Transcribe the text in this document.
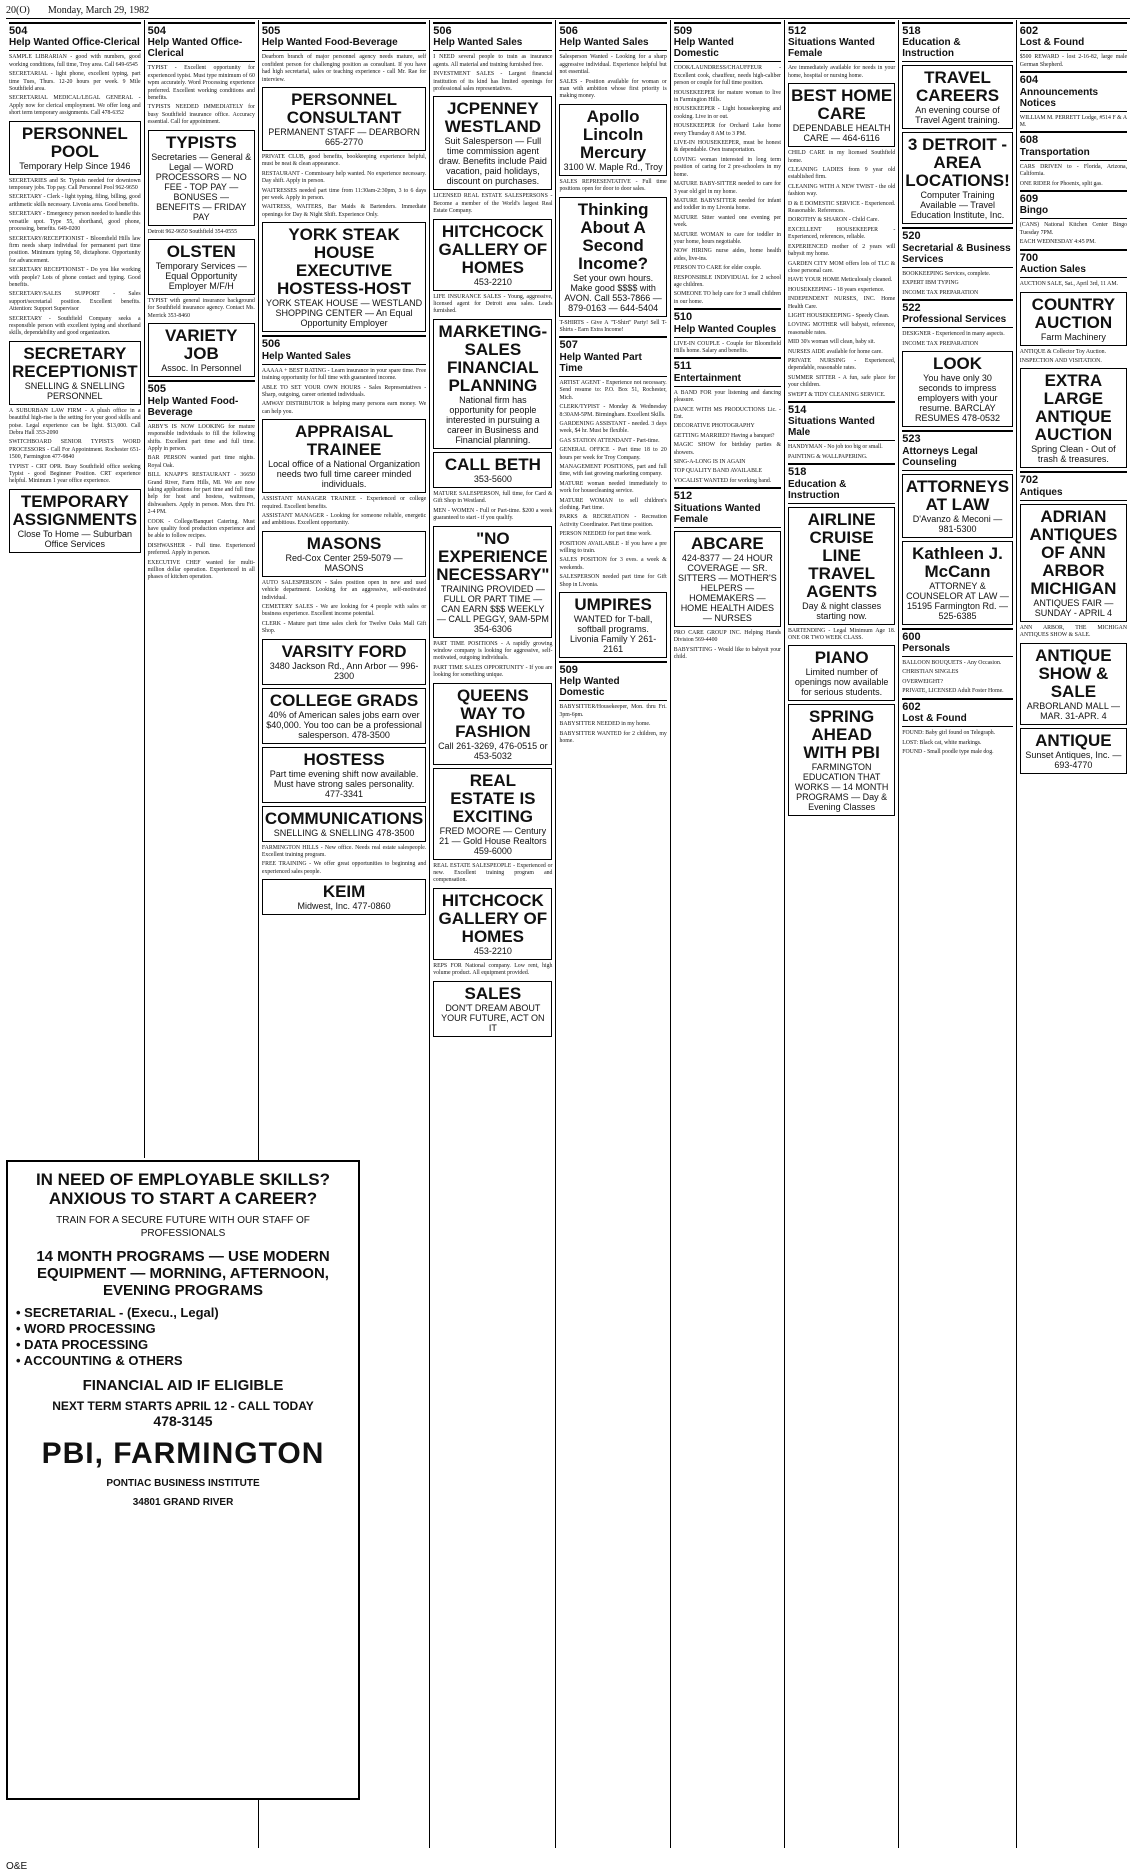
20(O) Monday, March 29, 1982
504
Help Wanted Office-Clerical

SAMPLE LIBRARIAN - good with numbers, good working conditions, full time, Troy area. Call 649-6545

SECRETARIAL - light phone, excellent typing, part time Tues, Thurs. 12-20 hours per week. 9 Mile Southfield area.

SECRETARIAL MEDICAL/LEGAL GENERAL - Apply now for clerical employment. We offer long and short term temporary assignments. Call 478-6352

PERSONNEL POOL
Temporary Help Since 1946

SECRETARIES and Sr. Typists needed for downtown temporary jobs. Top pay. Call Personnel Pool 962-9650

SECRETARY - Clerk - light typing, filing, billing, good arithmetic skills necessary. Livonia area. Good benefits.

SECRETARY - Emergency person needed to handle this versatile spot. Type 55, shorthand, good phone, processing, benefits. 649-0200

SECRETARY/RECEPTIONIST - Bloomfield Hills law firm needs sharp individual for permanent part time position. Minimum typing 50, dictaphone. Opportunity for advancement.

SECRETARY RECEPTIONIST - Do you like working with people? Lots of phone contact and typing. Good benefits.

SECRETARY/SALES SUPPORT - Sales support/secretarial position. Excellent benefits. Attention: Support Supervisor

SECRETARY - Southfield Company seeks a responsible person with excellent typing and shorthand skills, dependability and good organization.

SECRETARY RECEPTIONIST
SNELLING & SNELLING PERSONNEL

A SUBURBAN LAW FIRM - A plush office in a beautiful high-rise is the setting for your good skills and poise. Legal experience can be light. $13,000. Call Debra Hall 353-2090

SWITCHBOARD SENIOR TYPISTS WORD PROCESSORS - Call For Appointment. Rochester 651-1500, Farmington 477-9840

TYPIST - CRT OPR. Busy Southfield office seeking Typist - good Beginner Position. CRT experience helpful. Minimum 1 year office experience.

TEMPORARY ASSIGNMENTS
Close To Home — Suburban Office Services
504
Help Wanted Office-Clerical

TYPIST - Excellent opportunity for experienced typist. Must type minimum of 60 wpm accurately. Word Processing experience preferred. Excellent working conditions and benefits.

TYPISTS NEEDED IMMEDIATELY for busy Southfield insurance office. Accuracy essential. Call for appointment.

TYPISTS
Secretaries — General & Legal — WORD PROCESSORS — NO FEE - TOP PAY — BONUSES — BENEFITS — FRIDAY PAY

Detroit 962-9650 Southfield 354-0555

OLSTEN
Temporary Services — Equal Opportunity Employer M/F/H

TYPIST with general insurance background for Southfield insurance agency. Contact Ms. Merrick 353-8460

VARIETY JOB
Assoc. In Personnel
505
Help Wanted Food-Beverage

ARBY'S IS NOW LOOKING for mature responsible individuals to fill the following shifts. Excellent part time and full time. Apply in person.

BAR PERSON wanted part time nights. Royal Oak.

BILL KNAPP'S RESTAURANT - 36650 Grand River, Farm Hills, MI. We are now taking applications for part time and full time help for host and hostess, waitresses, dishwashers. Apply in person. Mon. thru Fri. 2-4 PM.

COOK - College/Banquet Catering. Must have quality food production experience and be able to follow recipes.

DISHWASHER - Full time. Experienced preferred. Apply in person.

EXECUTIVE CHEF wanted for multi-million dollar operation. Experienced in all phases of kitchen operation.

505
Help Wanted Food-Beverage

Dearborn branch of major personnel agency needs mature, self confident person for challenging position as consultant. If you have had high secretarial, sales or teaching experience - call Mr. Rae for interview.

PERSONNEL CONSULTANT
PERMANENT STAFF — DEARBORN 665-2770

PRIVATE CLUB, good benefits, bookkeeping experience helpful, must be neat & clean appearance.

RESTAURANT - Commissary help wanted. No experience necessary. Day shift. Apply in person.

WAITRESSES needed part time from 11:30am-2:30pm, 3 to 6 days per week. Apply in person.

WAITRESS, WAITERS, Bar Maids & Bartenders. Immediate openings for Day & Night Shift. Experience Only.

YORK STEAK HOUSE EXECUTIVE HOSTESS-HOST
YORK STEAK HOUSE — WESTLAND SHOPPING CENTER — An Equal Opportunity Employer
506
Help Wanted Sales

AAAAA + BEST RATING - Learn insurance in your spare time. Free training opportunity for full time with guaranteed income.

ABLE TO SET YOUR OWN HOURS - Sales Representatives - Sharp, outgoing, career oriented individuals.

AMWAY DISTRIBUTOR is helping many persons earn money. We can help you.

APPRAISAL TRAINEE
Local office of a National Organization needs two full time career minded individuals.

ASSISTANT MANAGER TRAINEE - Experienced or college required. Excellent benefits.

ASSISTANT MANAGER - Looking for someone reliable, energetic and ambitious. Excellent opportunity.

MASONS
Red-Cox Center 259-5079 — MASONS

AUTO SALESPERSON - Sales position open in new and used vehicle department. Looking for an aggressive, self-motivated individual.

CEMETERY SALES - We are looking for 4 people with sales or business experience. Excellent income potential.

CLERK - Mature part time sales clerk for Twelve Oaks Mall Gift Shop.

VARSITY FORD
3480 Jackson Rd., Ann Arbor — 996-2300
COLLEGE GRADS
40% of American sales jobs earn over $40,000. You too can be a professional salesperson. 478-3500
HOSTESS
Part time evening shift now available. Must have strong sales personality. 477-3341
COMMUNICATIONS
SNELLING & SNELLING 478-3500

FARMINGTON HILLS - New office. Needs real estate salespeople. Excellent training program.

FREE TRAINING - We offer great opportunities to beginning and experienced sales people.

KEIM
Midwest, Inc. 477-0860
506
Help Wanted Sales

I NEED several people to train as insurance agents. All material and training furnished free.

INVESTMENT SALES - Largest financial institution of its kind has limited openings for professional sales representatives.

JCPENNEY WESTLAND
Suit Salesperson — Full time commission agent draw. Benefits include Paid vacation, paid holidays, discount on purchases.

LICENSED REAL ESTATE SALESPERSONS - Become a member of the World's largest Real Estate Company.

HITCHCOCK GALLERY OF HOMES
453-2210

LIFE INSURANCE SALES - Young, aggressive, licensed agent for Detroit area sales. Leads furnished.

MARKETING-SALES FINANCIAL PLANNING
National firm has opportunity for people interested in pursuing a career in Business and Financial planning.
CALL BETH
353-5600

MATURE SALESPERSON, full time, for Card & Gift Shop in Westland.

MEN - WOMEN - Full or Part-time. $200 a week guaranteed to start - if you qualify.

"NO EXPERIENCE NECESSARY"
TRAINING PROVIDED — FULL OR PART TIME — CAN EARN $$$ WEEKLY — CALL PEGGY, 9AM-5PM 354-6306

PART TIME POSITIONS - A rapidly growing window company is looking for aggressive, self-motivated, outgoing individuals.

PART TIME SALES OPPORTUNITY - If you are looking for something unique.

QUEENS WAY TO FASHION
Call 261-3269, 476-0515 or 453-5032
REAL ESTATE IS EXCITING
FRED MOORE — Century 21 — Gold House Realtors 459-6000

REAL ESTATE SALESPEOPLE - Experienced or new. Excellent training program and compensation.

HITCHCOCK GALLERY OF HOMES
453-2210

REPS FOR National company. Low rent, high volume product. All equipment provided.

SALES
DON'T DREAM ABOUT YOUR FUTURE, ACT ON IT
506
Help Wanted Sales

Salesperson Wanted - Looking for a sharp aggressive individual. Experience helpful but not essential.

SALES - Position available for woman or man with ambition whose first priority is making money.

Apollo Lincoln Mercury
3100 W. Maple Rd., Troy

SALES REPRESENTATIVE - Full time positions open for door to door sales.

Thinking About A Second Income?
Set your own hours. Make good $$$$ with AVON. Call 553-7866 — 879-0163 — 644-5404

T-SHIRTS - Give A "T-Shirt" Party! Sell T-Shirts - Earn Extra Income!

507
Help Wanted Part Time

ARTIST AGENT - Experience not necessary. Send resume to: P.O. Box 51, Rochester, Mich.

CLERK/TYPIST - Monday & Wednesday 8:30AM-5PM. Birmingham. Excellent Skills.

GARDENING ASSISTANT - needed. 3 days week, $4 hr. Must be flexible.

GAS STATION ATTENDANT - Part-time.

GENERAL OFFICE - Part time 18 to 20 hours per week for Troy Company.

MANAGEMENT POSITIONS, part and full time, with fast growing marketing company.

MATURE woman needed immediately to work for housecleaning service.

MATURE WOMAN to sell children's clothing. Part time.

PARKS & RECREATION - Recreation Activity Coordinator. Part time position.

PERSON NEEDED for part time work.

POSITION AVAILABLE - If you have a pre willing to train.

SALES POSITION for 3 eves. a week & weekends.

SALESPERSON needed part time for Gift Shop in Livonia.

UMPIRES
WANTED for T-ball, softball programs. Livonia Family Y 261-2161
509
Help Wanted Domestic

BABYSITTER/Housekeeper, Mon. thru Fri. 3pm-6pm.

BABYSITTER NEEDED in my home.

BABYSITTER WANTED for 2 children, my home.

509
Help Wanted Domestic

COOK/LAUNDRESS/CHAUFFEUR - Excellent cook, chauffeur, needs high-caliber person or couple for full time position.

HOUSEKEEPER for mature woman to live in Farmington Hills.

HOUSEKEEPER - Light housekeeping and cooking. Live in or out.

HOUSEKEEPER for Orchard Lake home every Thursday 8 AM to 3 PM.

LIVE-IN HOUSEKEEPER, must be honest & dependable. Own transportation.

LOVING woman interested in long term position of caring for 2 pre-schoolers in my home.

MATURE BABY-SITTER needed to care for 3 year old girl in my home.

MATURE BABYSITTER needed for infant and toddler in my Livonia home.

MATURE Sitter wanted one evening per week.

MATURE WOMAN to care for toddler in your home, hours negotiable.

NOW HIRING nurse aides, home health aides, live-ins.

PERSON TO CARE for elder couple.

RESPONSIBLE INDIVIDUAL for 2 school age children.

SOMEONE TO help care for 3 small children in our home.

510
Help Wanted Couples

LIVE-IN COUPLE - Couple for Bloomfield Hills home. Salary and benefits.

511
Entertainment

A BAND FOR your listening and dancing pleasure.

DANCE WITH MS PRODUCTIONS Lic. - Ent.

DECORATIVE PHOTOGRAPHY

GETTING MARRIED? Having a banquet?

MAGIC SHOW for birthday parties & showers.

SING-A-LONG IS IN AGAIN

TOP QUALITY BAND AVAILABLE

VOCALIST WANTED for working band.

512
Situations Wanted Female
ABCARE
424-8377 — 24 HOUR COVERAGE — SR. SITTERS — MOTHER'S HELPERS — HOMEMAKERS — HOME HEALTH AIDES — NURSES

PRO CARE GROUP INC. Helping Hands Division 569-4400

BABYSITTING - Would like to babysit your child.

512
Situations Wanted Female

Are immediately available for needs in your home, hospital or nursing home.

BEST HOME CARE
DEPENDABLE HEALTH CARE — 464-6116

CHILD CARE in my licensed Southfield home.

CLEANING LADIES from 9 year old established firm.

CLEANING WITH A NEW TWIST - the old fashion way.

D & E DOMESTIC SERVICE - Experienced. Reasonable. References.

DOROTHY & SHARON - Child Care.

EXCELLENT HOUSEKEEPER - Experienced, references, reliable.

EXPERIENCED mother of 2 years will babysit my home.

GARDEN CITY MOM offers lots of TLC & close personal care.

HAVE YOUR HOME Meticulously cleaned.

HOUSEKEEPING - 18 years experience.

INDEPENDENT NURSES, INC. Home Health Care.

LIGHT HOUSEKEEPING - Speedy Clean.

LOVING MOTHER will babysit, reference, reasonable rates.

MID 30's woman will clean, baby sit.

NURSES AIDE available for home care.

PRIVATE NURSING - Experienced, dependable, reasonable rates.

SUMMER SITTER - A fun, safe place for your children.

SWEPT & TIDY CLEANING SERVICE.

514
Situations Wanted Male

HANDYMAN - No job too big or small.

PAINTING & WALLPAPERING.

518
Education & Instruction
AIRLINE CRUISE LINE TRAVEL AGENTS
Day & night classes starting now.

BARTENDING - Legal Minimum Age 18. ONE OR TWO WEEK CLASS.

PIANO
Limited number of openings now available for serious students.
SPRING AHEAD WITH PBI
FARMINGTON EDUCATION THAT WORKS — 14 MONTH PROGRAMS — Day & Evening Classes
518
Education & Instruction
TRAVEL CAREERS
An evening course of Travel Agent training.
3 DETROIT - AREA LOCATIONS!
Computer Training Available — Travel Education Institute, Inc.
520
Secretarial & Business Services

BOOKKEEPING Services, complete.

EXPERT IBM TYPING

INCOME TAX PREPARATION

522
Professional Services

DESIGNER - Experienced in many aspects.

INCOME TAX PREPARATION

LOOK
You have only 30 seconds to impress employers with your resume. BARCLAY RESUMES 478-0532
523
Attorneys Legal Counseling
ATTORNEYS AT LAW
D'Avanzo & Meconi — 981-5300
Kathleen J. McCann
ATTORNEY & COUNSELOR AT LAW — 15195 Farmington Rd. — 525-6385
600
Personals

BALLOON BOUQUETS - Any Occasion.

CHRISTIAN SINGLES

OVERWEIGHT?

PRIVATE, LICENSED Adult Foster Home.

602
Lost & Found

FOUND: Baby girl found on Telegraph.

LOST: Black cat, white markings.

FOUND - Small poodle type male dog.

602
Lost & Found

$500 REWARD - lost 2-16-82, large male German Shepherd.

604
Announcements Notices

WILLIAM M. PERRETT Lodge, #514 F & A M.

608
Transportation

CARS DRIVEN to - Florida, Arizona, California.

ONE RIDER for Phoenix, split gas.

609
Bingo

(CANS) National Kitchen Center Bingo Tuesday 7PM.

EACH WEDNESDAY 4:45 PM.

700
Auction Sales

AUCTION SALE, Sat., April 3rd, 11 AM.

COUNTRY AUCTION
Farm Machinery

ANTIQUE & Collector Toy Auction.

INSPECTION AND VISITATION.

EXTRA LARGE ANTIQUE AUCTION
Spring Clean - Out of trash & treasures.
702
Antiques
ADRIAN ANTIQUES OF ANN ARBOR MICHIGAN
ANTIQUES FAIR — SUNDAY - APRIL 4

ANN ARBOR, THE MICHIGAN ANTIQUES SHOW & SALE.

ANTIQUE SHOW & SALE
ARBORLAND MALL — MAR. 31-APR. 4
ANTIQUE
Sunset Antiques, Inc. — 693-4770
IN NEED OF EMPLOYABLE SKILLS? ANXIOUS TO START A CAREER?
TRAIN FOR A SECURE FUTURE WITH OUR STAFF OF PROFESSIONALS
14 MONTH PROGRAMS — USE MODERN EQUIPMENT — MORNING, AFTERNOON, EVENING PROGRAMS
• SECRETARIAL - (Execu., Legal)
• WORD PROCESSING
• DATA PROCESSING
• ACCOUNTING & OTHERS
FINANCIAL AID IF ELIGIBLE
NEXT TERM STARTS APRIL 12 - CALL TODAY
478-3145
PBI, FARMINGTON
PONTIAC BUSINESS INSTITUTE
34801 GRAND RIVER
O&E
